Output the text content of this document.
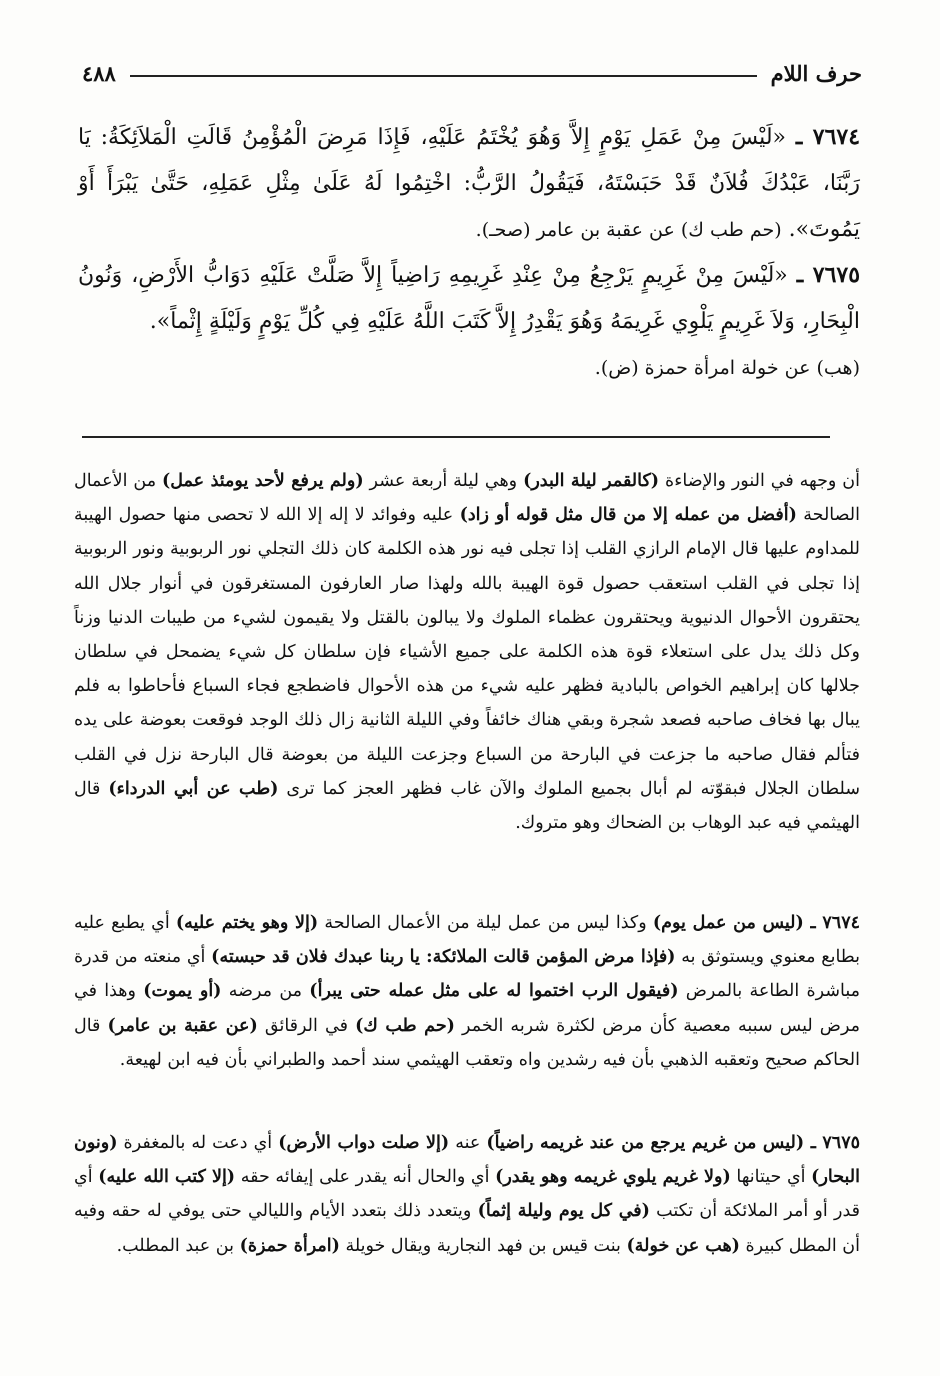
حرف اللام
٤٨٨

٧٦٧٤ ـ «لَيْسَ مِنْ عَمَلِ يَوْمٍ إِلاَّ وَهُوَ يُخْتَمُ عَلَيْهِ، فَإِذَا مَرِضَ الْمُؤْمِنُ قَالَتِ الْمَلاَئِكَةُ: يَا رَبَّنَا، عَبْدُكَ فُلاَنٌ قَدْ حَبَسْتَهُ، فَيَقُولُ الرَّبُّ: اخْتِمُوا لَهُ عَلَىٰ مِثْلِ عَمَلِهِ، حَتَّىٰ يَبْرَأَ أَوْ يَمُوتَ». (حم طب ك) عن عقبة بن عامر (صحـ).

٧٦٧٥ ـ «لَيْسَ مِنْ غَرِيمٍ يَرْجِعُ مِنْ عِنْدِ غَرِيمِهِ رَاضِياً إِلاَّ صَلَّتْ عَلَيْهِ دَوَابُّ الأَرْضِ، وَنُونُ الْبِحَارِ، وَلاَ غَرِيمٍ يَلْوِي غَرِيمَهُ وَهُوَ يَقْدِرُ إِلاَّ كَتَبَ اللَّهُ عَلَيْهِ فِي كُلِّ يَوْمٍ وَلَيْلَةٍ إِثْماً».

(هب) عن خولة امرأة حمزة (ض).

أن وجهه في النور والإضاءة (كالقمر ليلة البدر) وهي ليلة أربعة عشر (ولم يرفع لأحد يومئذ عمل) من الأعمال الصالحة (أفضل من عمله إلا من قال مثل قوله أو زاد) عليه وفوائد لا إله إلا الله لا تحصى منها حصول الهيبة للمداوم عليها قال الإمام الرازي القلب إذا تجلى فيه نور هذه الكلمة كان ذلك التجلي نور الربوبية ونور الربوبية إذا تجلى في القلب استعقب حصول قوة الهيبة بالله ولهذا صار العارفون المستغرقون في أنوار جلال الله يحتقرون الأحوال الدنيوية ويحتقرون عظماء الملوك ولا يبالون بالقتل ولا يقيمون لشيء من طيبات الدنيا وزناً وكل ذلك يدل على استعلاء قوة هذه الكلمة على جميع الأشياء فإن سلطان كل شيء يضمحل في سلطان جلالها كان إبراهيم الخواص بالبادية فظهر عليه شيء من هذه الأحوال فاضطجع فجاء السباع فأحاطوا به فلم يبال بها فخاف صاحبه فصعد شجرة وبقي هناك خائفاً وفي الليلة الثانية زال ذلك الوجد فوقعت بعوضة على يده فتألم فقال صاحبه ما جزعت في البارحة من السباع وجزعت الليلة من بعوضة قال البارحة نزل في القلب سلطان الجلال فبقوّته لم أبال بجميع الملوك والآن غاب فظهر العجز كما ترى (طب عن أبي الدرداء) قال الهيثمي فيه عبد الوهاب بن الضحاك وهو متروك.

٧٦٧٤ ـ (ليس من عمل يوم) وكذا ليس من عمل ليلة من الأعمال الصالحة (إلا وهو يختم عليه) أي يطبع عليه بطابع معنوي ويستوثق به (فإذا مرض المؤمن قالت الملائكة: يا ربنا عبدك فلان قد حبسته) أي منعته من قدرة مباشرة الطاعة بالمرض (فيقول الرب اختموا له على مثل عمله حتى يبرأ) من مرضه (أو يموت) وهذا في مرض ليس سببه معصية كأن مرض لكثرة شربه الخمر (حم طب ك) في الرقائق (عن عقبة بن عامر) قال الحاكم صحيح وتعقبه الذهبي بأن فيه رشدين واه وتعقب الهيثمي سند أحمد والطبراني بأن فيه ابن لهيعة.

٧٦٧٥ ـ (ليس من غريم يرجع من عند غريمه راضياً) عنه (إلا صلت دواب الأرض) أي دعت له بالمغفرة (ونون البحار) أي حيتانها (ولا غريم يلوي غريمه وهو يقدر) أي والحال أنه يقدر على إيفائه حقه (إلا كتب الله عليه) أي قدر أو أمر الملائكة أن تكتب (في كل يوم وليلة إثماً) ويتعدد ذلك بتعدد الأيام والليالي حتى يوفي له حقه وفيه أن المطل كبيرة (هب عن خولة) بنت قيس بن فهد النجارية ويقال خويلة (امرأة حمزة) بن عبد المطلب.
